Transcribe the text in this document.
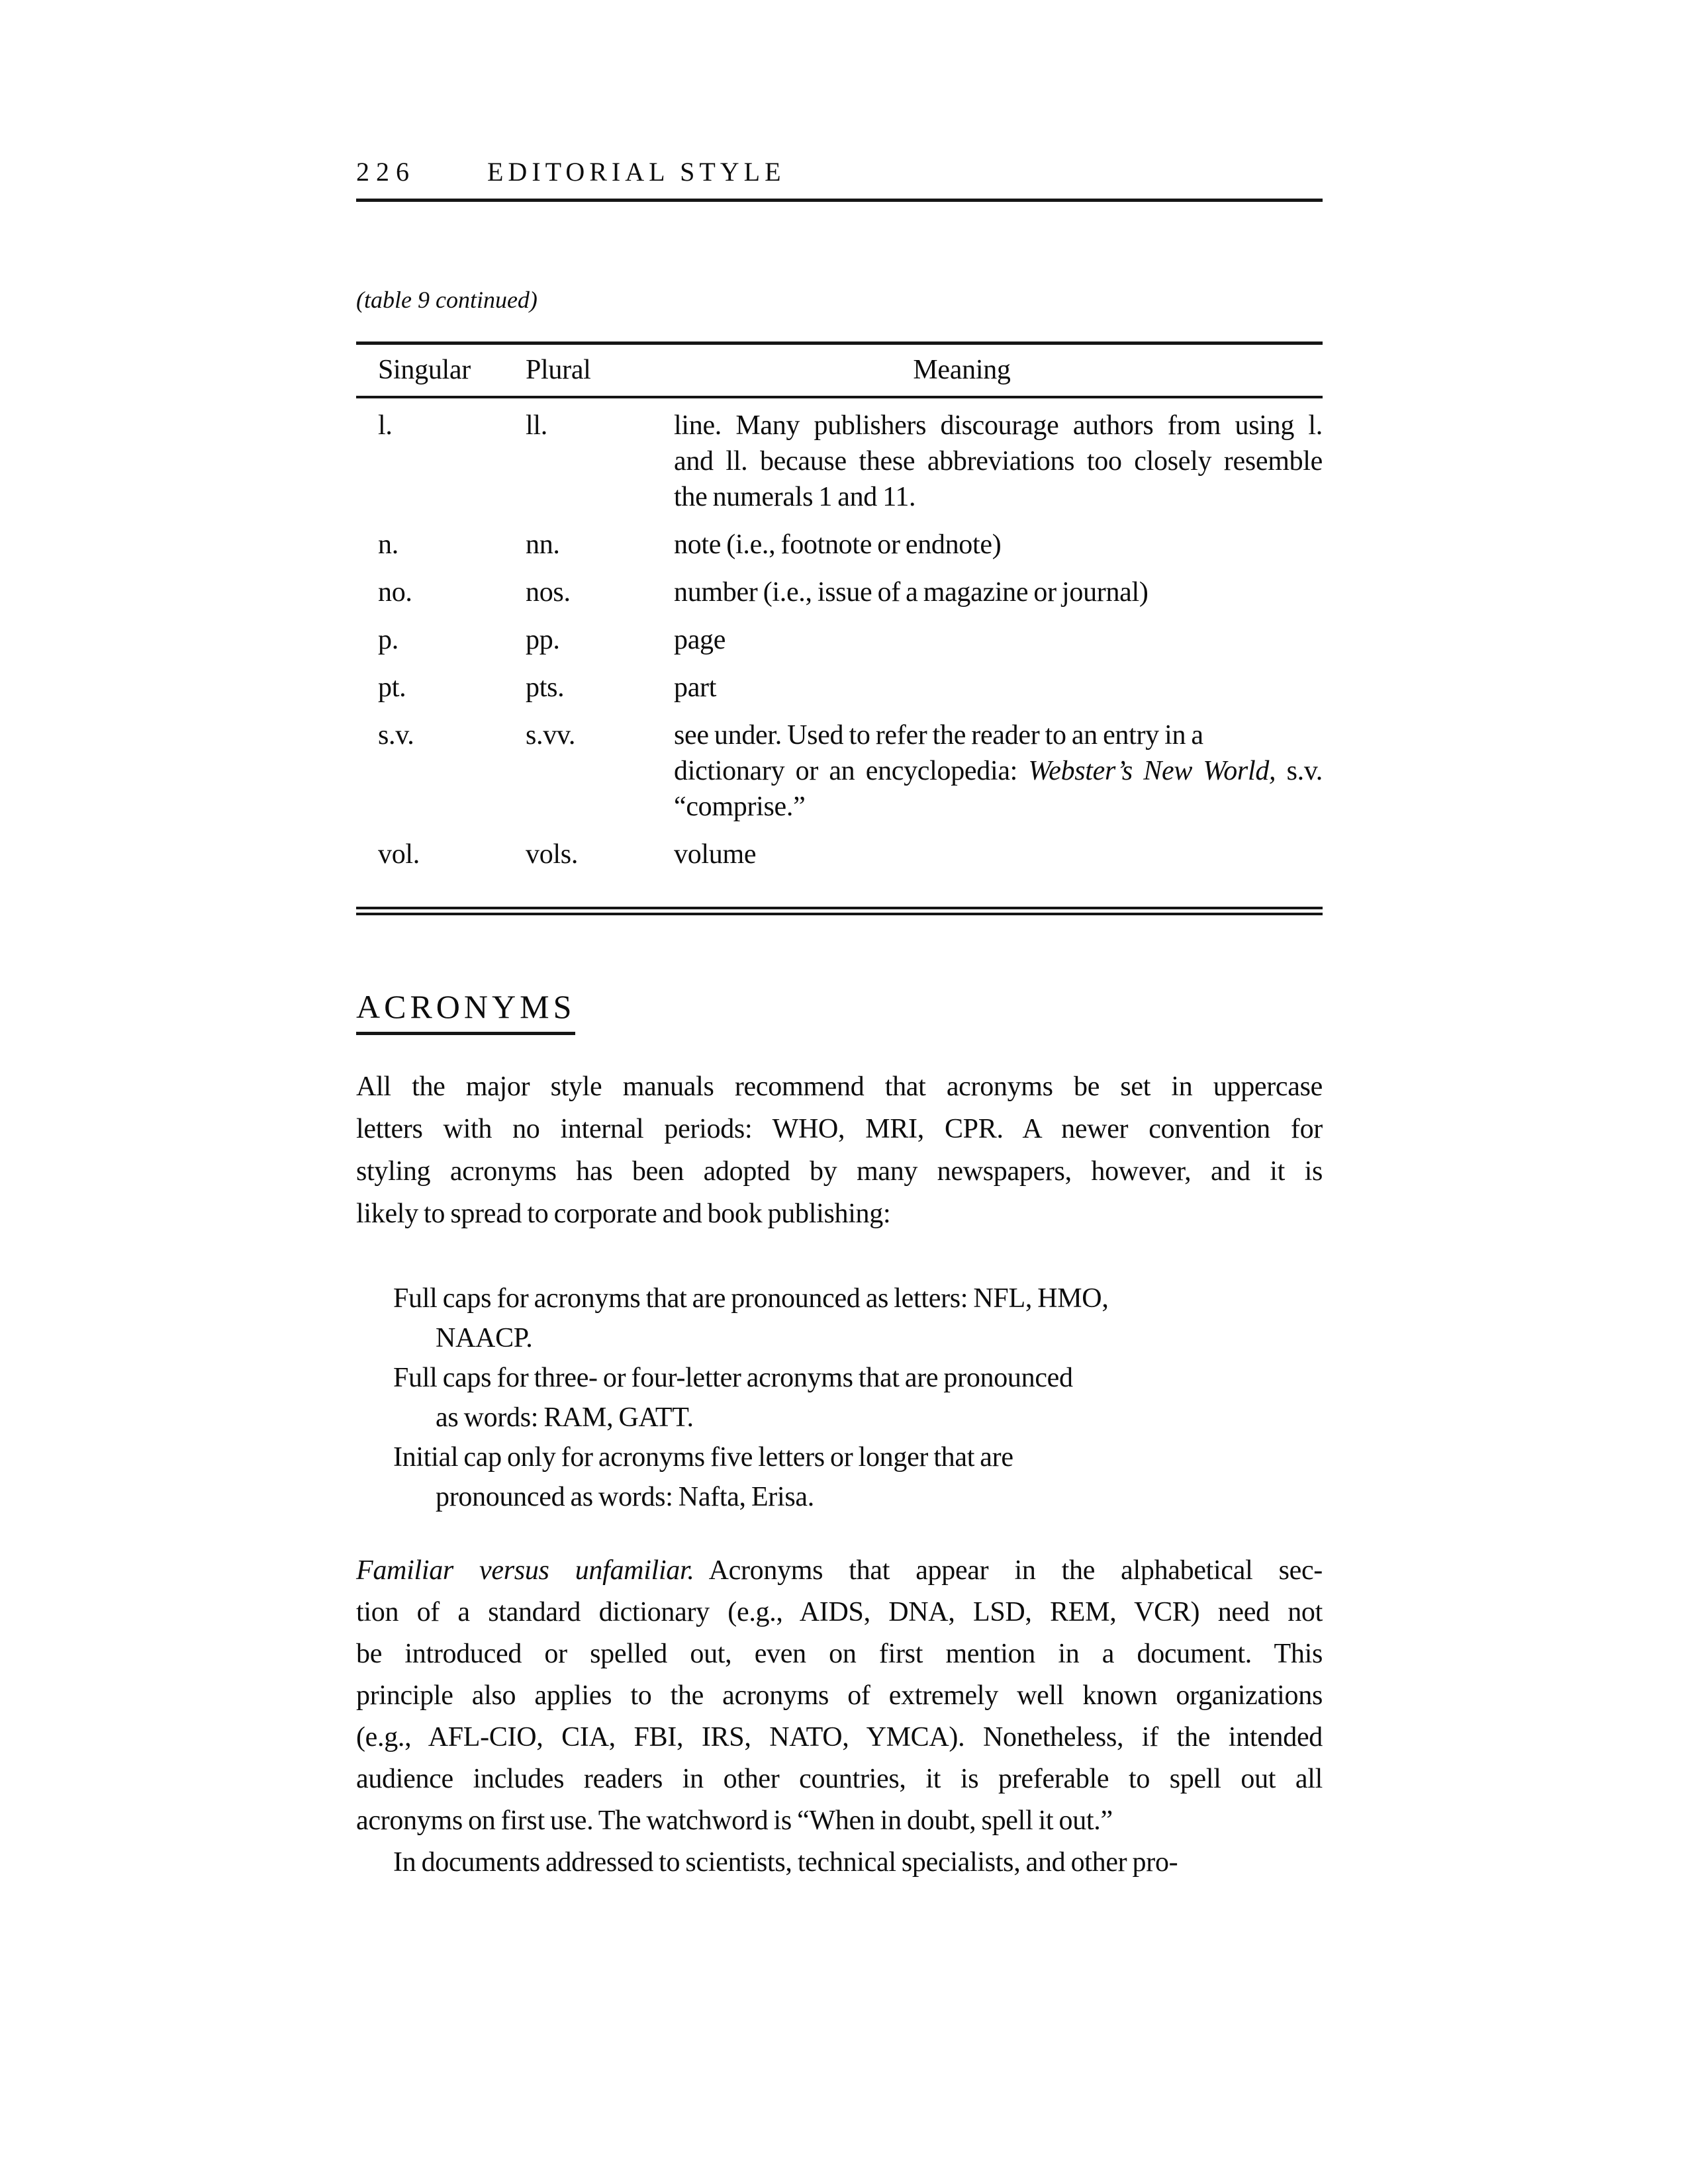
226	EDITORIAL STYLE
(table 9 continued)
Singular	Plural	Meaning
l.	ll.	line. Many publishers discourage authors from using l.
and ll. because these abbreviations too closely resemble
the numerals 1 and 11.
n.	nn.	note (i.e., footnote or endnote)
no.	nos.	number (i.e., issue of a magazine or journal)
p.	pp.	page
pt.	pts.	part
s.v.	s.vv.	see under. Used to refer the reader to an entry in a
dictionary or an encyclopedia: Webster’s New World, s.v.
“comprise.”
vol.	vols.	volume
ACRONYMS
All the major style manuals recommend that acronyms be set in uppercase
letters with no internal periods: WHO, MRI, CPR. A newer convention for
styling acronyms has been adopted by many newspapers, however, and it is
likely to spread to corporate and book publishing:
Full caps for acronyms that are pronounced as letters: NFL, HMO,
NAACP.
Full caps for three- or four-letter acronyms that are pronounced
as words: RAM, GATT.
Initial cap only for acronyms five letters or longer that are
pronounced as words: Nafta, Erisa.
Familiar versus unfamiliar. Acronyms that appear in the alphabetical sec-
tion of a standard dictionary (e.g., AIDS, DNA, LSD, REM, VCR) need not
be introduced or spelled out, even on first mention in a document. This
principle also applies to the acronyms of extremely well known organizations
(e.g., AFL-CIO, CIA, FBI, IRS, NATO, YMCA). Nonetheless, if the intended
audience includes readers in other countries, it is preferable to spell out all
acronyms on first use. The watchword is “When in doubt, spell it out.”
In documents addressed to scientists, technical specialists, and other pro-
